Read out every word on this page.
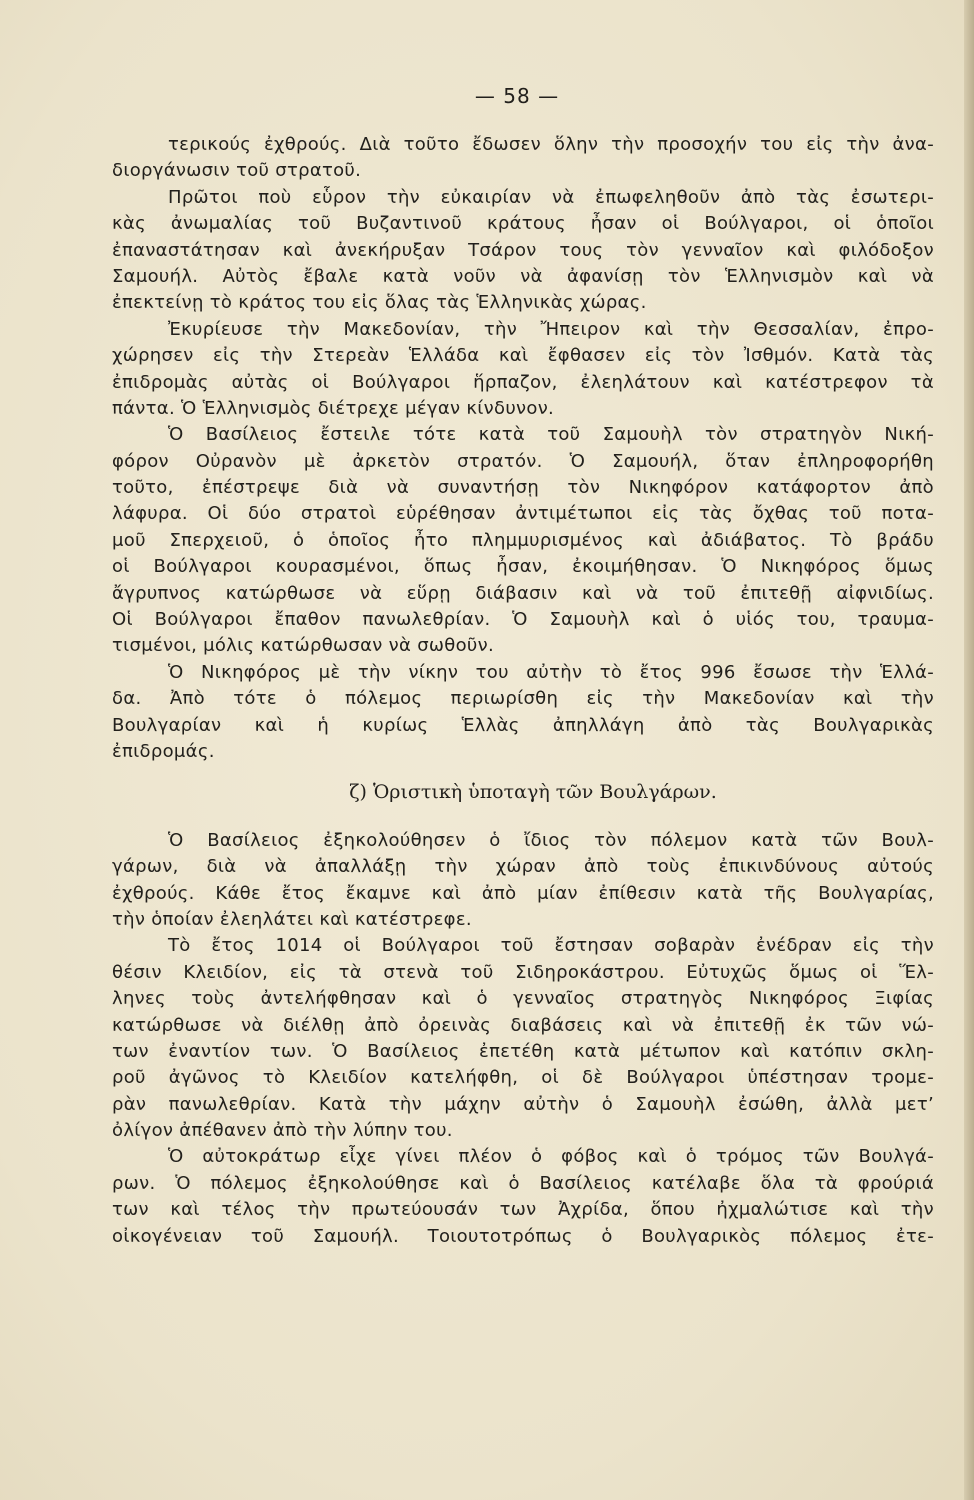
— 58 —
τερικούς ἐχθρούς. Διὰ τοῦτο ἔδωσεν ὅλην τὴν προσοχήν του εἰς τὴν ἀνα-
διοργάνωσιν τοῦ στρατοῦ.
Πρῶτοι ποὺ εὗρον τὴν εὐκαιρίαν νὰ ἐπωφεληθοῦν ἀπὸ τὰς ἐσωτερι-
κὰς ἀνωμαλίας τοῦ Βυζαντινοῦ κράτους ἦσαν οἱ Βούλγαροι, οἱ ὁποῖοι
ἐπαναστάτησαν καὶ ἀνεκήρυξαν Τσάρον τους τὸν γενναῖον καὶ φιλόδοξον
Σαμουήλ. Αὐτὸς ἔβαλε κατὰ νοῦν νὰ ἀφανίσῃ τὸν Ἑλληνισμὸν καὶ νὰ
ἐπεκτείνῃ τὸ κράτος του εἰς ὅλας τὰς Ἑλληνικὰς χώρας.
Ἐκυρίευσε τὴν Μακεδονίαν, τὴν Ἤπειρον καὶ τὴν Θεσσαλίαν, ἐπρο-
χώρησεν εἰς τὴν Στερεὰν Ἑλλάδα καὶ ἔφθασεν εἰς τὸν Ἰσθμόν. Κατὰ τὰς
ἐπιδρομὰς αὐτὰς οἱ Βούλγαροι ἥρπαζον, ἐλεηλάτουν καὶ κατέστρεφον τὰ
πάντα. Ὁ Ἑλληνισμὸς διέτρεχε μέγαν κίνδυνον.
Ὁ Βασίλειος ἔστειλε τότε κατὰ τοῦ Σαμουὴλ τὸν στρατηγὸν Νική-
φόρον Οὐρανὸν μὲ ἀρκετὸν στρατόν. Ὁ Σαμουήλ, ὅταν ἐπληροφορήθη
τοῦτο, ἐπέστρεψε διὰ νὰ συναντήσῃ τὸν Νικηφόρον κατάφορτον ἀπὸ
λάφυρα. Οἱ δύο στρατοὶ εὑρέθησαν ἀντιμέτωποι εἰς τὰς ὄχθας τοῦ ποτα-
μοῦ Σπερχειοῦ, ὁ ὁποῖος ἦτο πλημμυρισμένος καὶ ἀδιάβατος. Τὸ βράδυ
οἱ Βούλγαροι κουρασμένοι, ὅπως ἦσαν, ἐκοιμήθησαν. Ὁ Νικηφόρος ὅμως
ἄγρυπνος κατώρθωσε νὰ εὕρῃ διάβασιν καὶ νὰ τοῦ ἐπιτεθῇ αἰφνιδίως.
Οἱ Βούλγαροι ἔπαθον πανωλεθρίαν. Ὁ Σαμουὴλ καὶ ὁ υἱός του, τραυμα-
τισμένοι, μόλις κατώρθωσαν νὰ σωθοῦν.
Ὁ Νικηφόρος μὲ τὴν νίκην του αὐτὴν τὸ ἔτος 996 ἔσωσε τὴν Ἑλλά-
δα. Ἀπὸ τότε ὁ πόλεμος περιωρίσθη εἰς τὴν Μακεδονίαν καὶ τὴν
Βουλγαρίαν καὶ ἡ κυρίως Ἑλλὰς ἀπηλλάγη ἀπὸ τὰς Βουλγαρικὰς
ἐπιδρομάς.
ζ) Ὁριστικὴ ὑποταγὴ τῶν Βουλγάρων.
Ὁ Βασίλειος ἐξηκολούθησεν ὁ ἴδιος τὸν πόλεμον κατὰ τῶν Βουλ-
γάρων, διὰ νὰ ἀπαλλάξῃ τὴν χώραν ἀπὸ τοὺς ἐπικινδύνους αὐτούς
ἐχθρούς. Κάθε ἔτος ἔκαμνε καὶ ἀπὸ μίαν ἐπίθεσιν κατὰ τῆς Βουλγαρίας,
τὴν ὁποίαν ἐλεηλάτει καὶ κατέστρεφε.
Τὸ ἔτος 1014 οἱ Βούλγαροι τοῦ ἔστησαν σοβαρὰν ἐνέδραν εἰς τὴν
θέσιν Κλειδίον, εἰς τὰ στενὰ τοῦ Σιδηροκάστρου. Εὐτυχῶς ὅμως οἱ Ἕλ-
ληνες τοὺς ἀντελήφθησαν καὶ ὁ γενναῖος στρατηγὸς Νικηφόρος Ξιφίας
κατώρθωσε νὰ διέλθῃ ἀπὸ ὀρεινὰς διαβάσεις καὶ νὰ ἐπιτεθῇ ἐκ τῶν νώ-
των ἐναντίον των. Ὁ Βασίλειος ἐπετέθη κατὰ μέτωπον καὶ κατόπιν σκλη-
ροῦ ἀγῶνος τὸ Κλειδίον κατελήφθη, οἱ δὲ Βούλγαροι ὑπέστησαν τρομε-
ρὰν πανωλεθρίαν. Κατὰ τὴν μάχην αὐτὴν ὁ Σαμουὴλ ἐσώθη, ἀλλὰ μετ’
ὀλίγον ἀπέθανεν ἀπὸ τὴν λύπην του.
Ὁ αὐτοκράτωρ εἶχε γίνει πλέον ὁ φόβος καὶ ὁ τρόμος τῶν Βουλγά-
ρων. Ὁ πόλεμος ἐξηκολούθησε καὶ ὁ Βασίλειος κατέλαβε ὅλα τὰ φρούριά
των καὶ τέλος τὴν πρωτεύουσάν των Ἀχρίδα, ὅπου ἠχμαλώτισε καὶ τὴν
οἰκογένειαν τοῦ Σαμουήλ. Τοιουτοτρόπως ὁ Βουλγαρικὸς πόλεμος ἐτε-
